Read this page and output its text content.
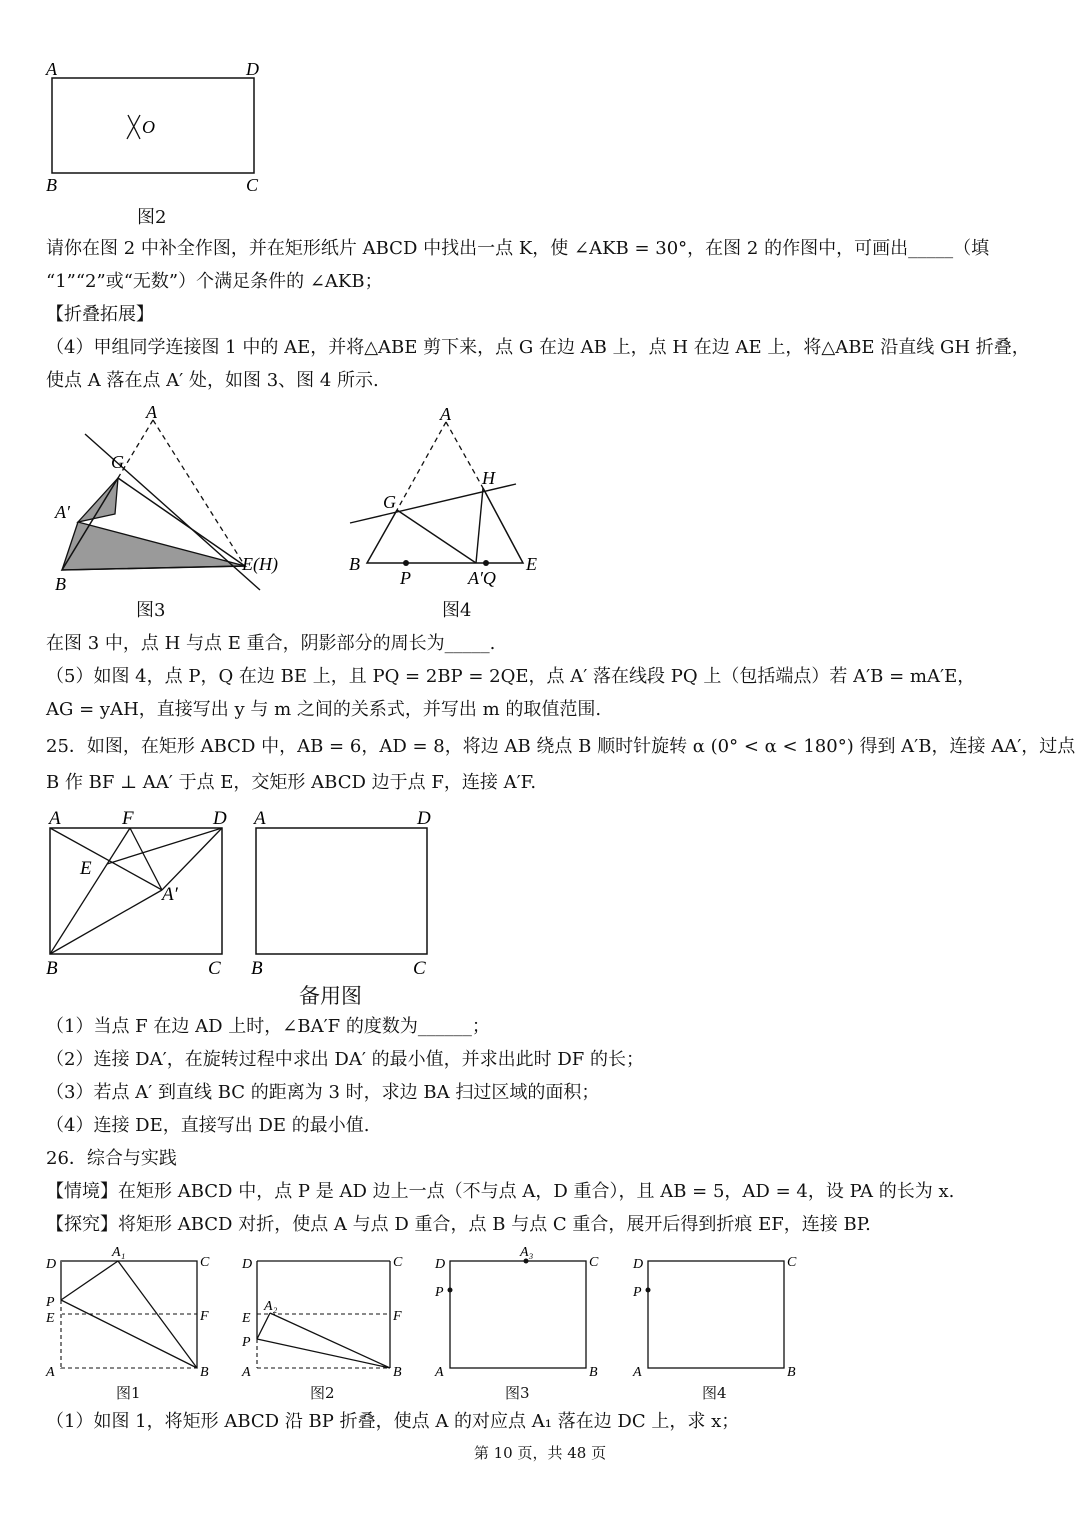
A	D
B	C
O
图2
请你在图 2 中补全作图，并在矩形纸片 ABCD 中找出一点 K，使 ∠AKB = 30°，在图 2 的作图中，可画出_____（填
“1”“2”或“无数”）个满足条件的 ∠AKB；
【折叠拓展】
（4）甲组同学连接图 1 中的 AE，并将△ABE 剪下来，点 G 在边 AB 上，点 H 在边 AE 上，将△ABE 沿直线 GH 折叠，
使点 A 落在点 A′ 处，如图 3、图 4 所示.
A
G
A′
B
E(H)
图3
A
H
G
B
P	A′Q
E
图4
在图 3 中，点 H 与点 E 重合，阴影部分的周长为_____.
（5）如图 4，点 P，Q 在边 BE 上，且 PQ = 2BP = 2QE，点 A′ 落在线段 PQ 上（包括端点）若 A′B = mA′E，
AG = yAH，直接写出 y 与 m 之间的关系式，并写出 m 的取值范围.
25．如图，在矩形 ABCD 中，AB = 6，AD = 8，将边 AB 绕点 B 顺时针旋转 α (0° < α < 180°) 得到 A′B，连接 AA′，过点
B 作 BF ⊥ AA′ 于点 E，交矩形 ABCD 边于点 F，连接 A′F.
A	F	D
E
A′
B	C
A	D
B	C
备用图
（1）当点 F 在边 AD 上时，∠BA′F 的度数为______；
（2）连接 DA′，在旋转过程中求出 DA′ 的最小值，并求出此时 DF 的长；
（3）若点 A′ 到直线 BC 的距离为 3 时，求边 BA 扫过区域的面积；
（4）连接 DE，直接写出 DE 的最小值.
26．综合与实践
【情境】在矩形 ABCD 中，点 P 是 AD 边上一点（不与点 A，D 重合），且 AB = 5，AD = 4，设 PA 的长为 x.
【探究】将矩形 ABCD 对折，使点 A 与点 D 重合，点 B 与点 C 重合，展开后得到折痕 EF，连接 BP.
D
A₁
C
P
E	F
A	B
图1
D	C
E
A₂
F
P
A	B
图2
D
A₃
C
P
A	B
图3
D	C
P
A	B
图4
（1）如图 1，将矩形 ABCD 沿 BP 折叠，使点 A 的对应点 A₁ 落在边 DC 上，求 x；
第 10 页，共 48 页
